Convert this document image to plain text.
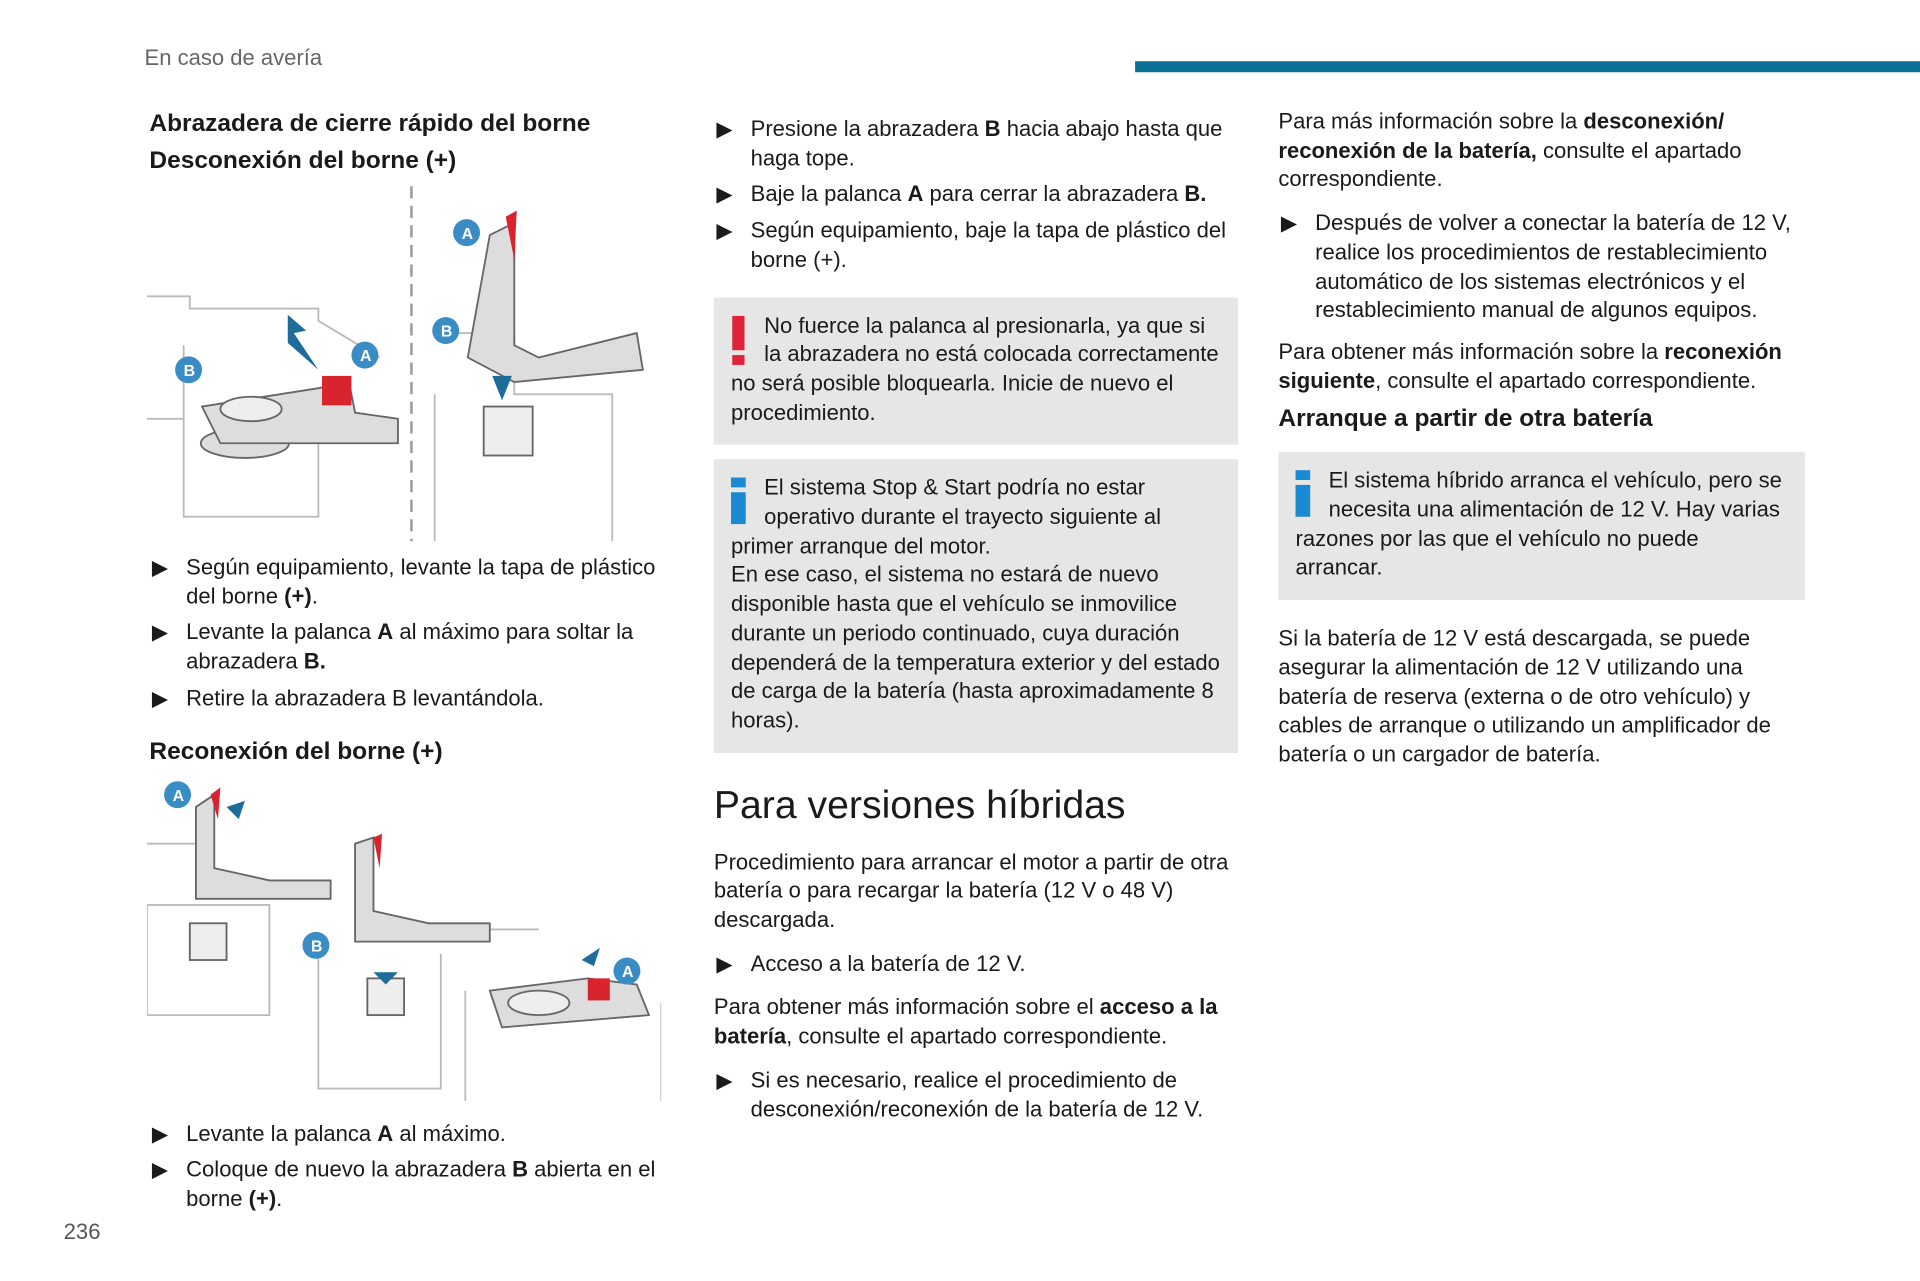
En caso de avería
236
Abrazadera de cierre rápido del borne
Desconexión del borne (+)
B
A
B
A
▶ Según equipamiento, levante la tapa de plástico del borne (+).
▶ Levante la palanca A al máximo para soltar la abrazadera B.
▶ Retire la abrazadera B levantándola.
Reconexión del borne (+)
A
B
A
▶ Levante la palanca A al máximo.
▶ Coloque de nuevo la abrazadera B abierta en el borne (+).
▶ Presione la abrazadera B hacia abajo hasta que haga tope.
▶ Baje la palanca A para cerrar la abrazadera B.
▶ Según equipamiento, baje la tapa de plástico del borne (+).
No fuerce la palanca al presionarla, ya que si la abrazadera no está colocada correctamente no será posible bloquearla. Inicie de nuevo el procedimiento.
El sistema Stop & Start podría no estar operativo durante el trayecto siguiente al primer arranque del motor.
En ese caso, el sistema no estará de nuevo disponible hasta que el vehículo se inmovilice durante un periodo continuado, cuya duración dependerá de la temperatura exterior y del estado de carga de la batería (hasta aproximadamente 8 horas).
Para versiones híbridas

Procedimiento para arrancar el motor a partir de otra batería o para recargar la batería (12 V o 48 V) descargada.

▶ Acceso a la batería de 12 V.

Para obtener más información sobre el acceso a la batería, consulte el apartado correspondiente.

▶ Si es necesario, realice el procedimiento de desconexión/reconexión de la batería de 12 V.

Para más información sobre la desconexión/ reconexión de la batería, consulte el apartado correspondiente.

▶ Después de volver a conectar la batería de 12 V, realice los procedimientos de restablecimiento automático de los sistemas electrónicos y el restablecimiento manual de algunos equipos.

Para obtener más información sobre la reconexión siguiente, consulte el apartado correspondiente.

Arranque a partir de otra batería
El sistema híbrido arranca el vehículo, pero se necesita una alimentación de 12 V. Hay varias razones por las que el vehículo no puede arrancar.

Si la batería de 12 V está descargada, se puede asegurar la alimentación de 12 V utilizando una batería de reserva (externa o de otro vehículo) y cables de arranque o utilizando un amplificador de batería o un cargador de batería.
